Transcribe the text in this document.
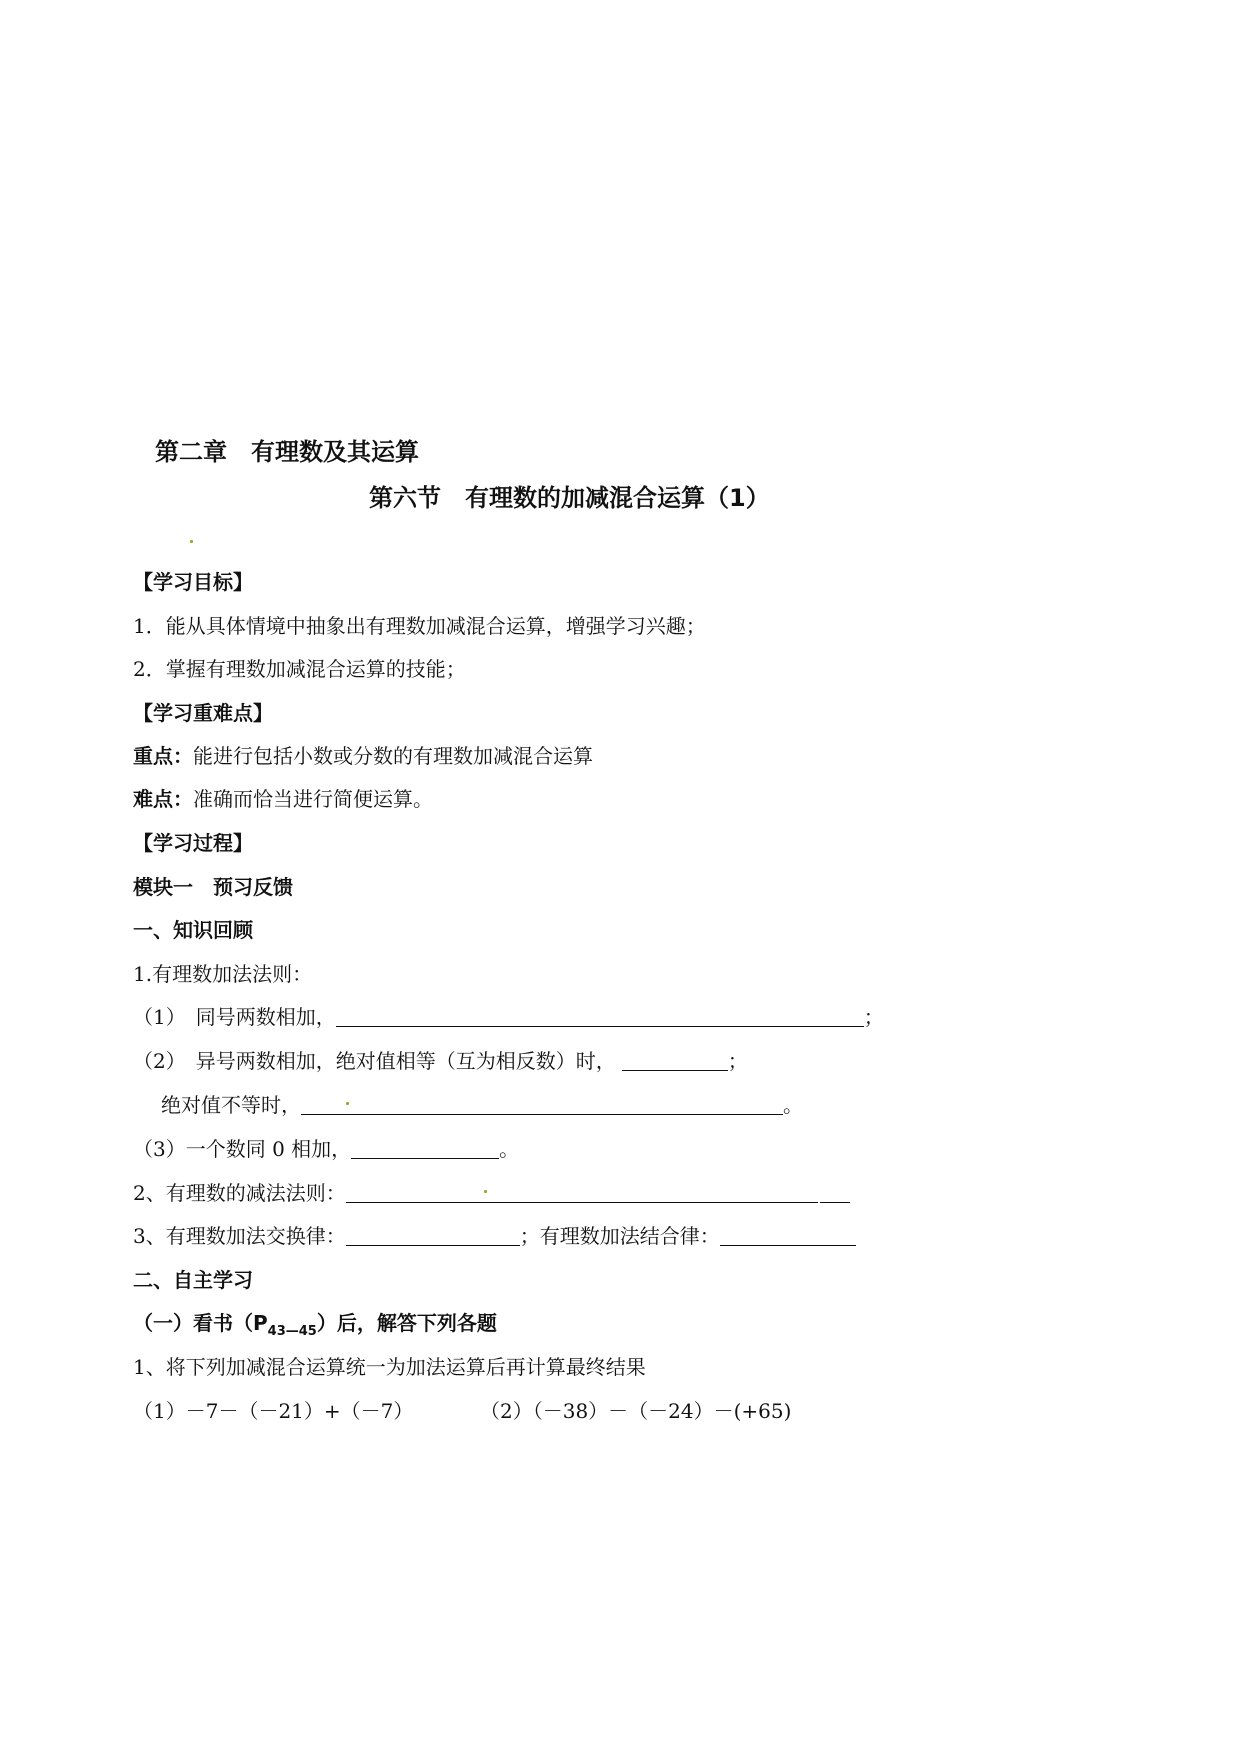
第二章　有理数及其运算
第六节　有理数的加减混合运算（1）
【学习目标】
1．能从具体情境中抽象出有理数加减混合运算，增强学习兴趣；
2．掌握有理数加减混合运算的技能；
【学习重难点】
重点：能进行包括小数或分数的有理数加减混合运算
难点：准确而恰当进行简便运算。
【学习过程】
模块一　预习反馈
一、知识回顾
1.有理数加法法则：
（1）　同号两数相加，	；
（2）　异号两数相加，绝对值相等（互为相反数）时，	；
绝对值不等时，	。
（3）一个数同 0 相加，	。
2、有理数的减法法则：
3、有理数加法交换律：	；有理数加法结合律：
二、自主学习
（一）看书$(P_{43—45})$后，解答下列各题
1、将下列加减混合运算统一为加法运算后再计算最终结果
（1）－7－（－21）+（－7）	（2）（－38）－（－24）－(+65)
